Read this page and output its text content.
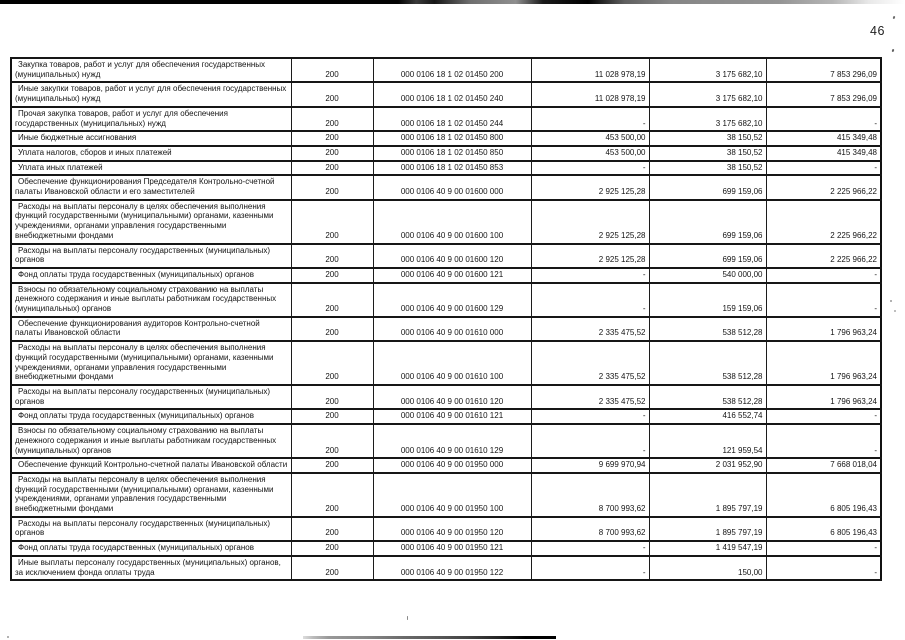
46
Закупка товаров, работ и услуг для обеспечения государственных (муниципальных) нужд	200	000 0106 18 1 02 01450 200	11 028 978,19	3 175 682,10	7 853 296,09
Иные закупки товаров, работ и услуг для обеспечения государственных (муниципальных) нужд	200	000 0106 18 1 02 01450 240	11 028 978,19	3 175 682,10	7 853 296,09
Прочая закупка товаров, работ и услуг для обеспечения государственных (муниципальных) нужд	200	000 0106 18 1 02 01450 244	-	3 175 682,10	-
Иные бюджетные ассигнования	200	000 0106 18 1 02 01450 800	453 500,00	38 150,52	415 349,48
Уплата налогов, сборов и иных платежей	200	000 0106 18 1 02 01450 850	453 500,00	38 150,52	415 349,48
Уплата иных платежей	200	000 0106 18 1 02 01450 853	-	38 150,52	-
Обеспечение функционирования Председателя Контрольно-счетной палаты Ивановской области и его заместителей	200	000 0106 40 9 00 01600 000	2 925 125,28	699 159,06	2 225 966,22
Расходы на выплаты персоналу в целях обеспечения выполнения функций государственными (муниципальными) органами, казенными учреждениями, органами управления государственными внебюджетными фондами	200	000 0106 40 9 00 01600 100	2 925 125,28	699 159,06	2 225 966,22
Расходы на выплаты персоналу государственных (муниципальных) органов	200	000 0106 40 9 00 01600 120	2 925 125,28	699 159,06	2 225 966,22
Фонд оплаты труда государственных (муниципальных) органов	200	000 0106 40 9 00 01600 121	-	540 000,00	-
Взносы по обязательному социальному страхованию на выплаты денежного содержания и иные выплаты работникам государственных (муниципальных) органов	200	000 0106 40 9 00 01600 129	-	159 159,06	-
Обеспечение функционирования аудиторов Контрольно-счетной палаты Ивановской области	200	000 0106 40 9 00 01610 000	2 335 475,52	538 512,28	1 796 963,24
Расходы на выплаты персоналу в целях обеспечения выполнения функций государственными (муниципальными) органами, казенными учреждениями, органами управления государственными внебюджетными фондами	200	000 0106 40 9 00 01610 100	2 335 475,52	538 512,28	1 796 963,24
Расходы на выплаты персоналу государственных (муниципальных) органов	200	000 0106 40 9 00 01610 120	2 335 475,52	538 512,28	1 796 963,24
Фонд оплаты труда государственных (муниципальных) органов	200	000 0106 40 9 00 01610 121	-	416 552,74	-
Взносы по обязательному социальному страхованию на выплаты денежного содержания и иные выплаты работникам государственных (муниципальных) органов	200	000 0106 40 9 00 01610 129	-	121 959,54	-
Обеспечение функций Контрольно-счетной палаты Ивановской области	200	000 0106 40 9 00 01950 000	9 699 970,94	2 031 952,90	7 668 018,04
Расходы на выплаты персоналу в целях обеспечения выполнения функций государственными (муниципальными) органами, казенными учреждениями, органами управления государственными внебюджетными фондами	200	000 0106 40 9 00 01950 100	8 700 993,62	1 895 797,19	6 805 196,43
Расходы на выплаты персоналу государственных (муниципальных) органов	200	000 0106 40 9 00 01950 120	8 700 993,62	1 895 797,19	6 805 196,43
Фонд оплаты труда государственных (муниципальных) органов	200	000 0106 40 9 00 01950 121	-	1 419 547,19	-
Иные выплаты персоналу государственных (муниципальных) органов, за исключением фонда оплаты труда	200	000 0106 40 9 00 01950 122	-	150,00	-
